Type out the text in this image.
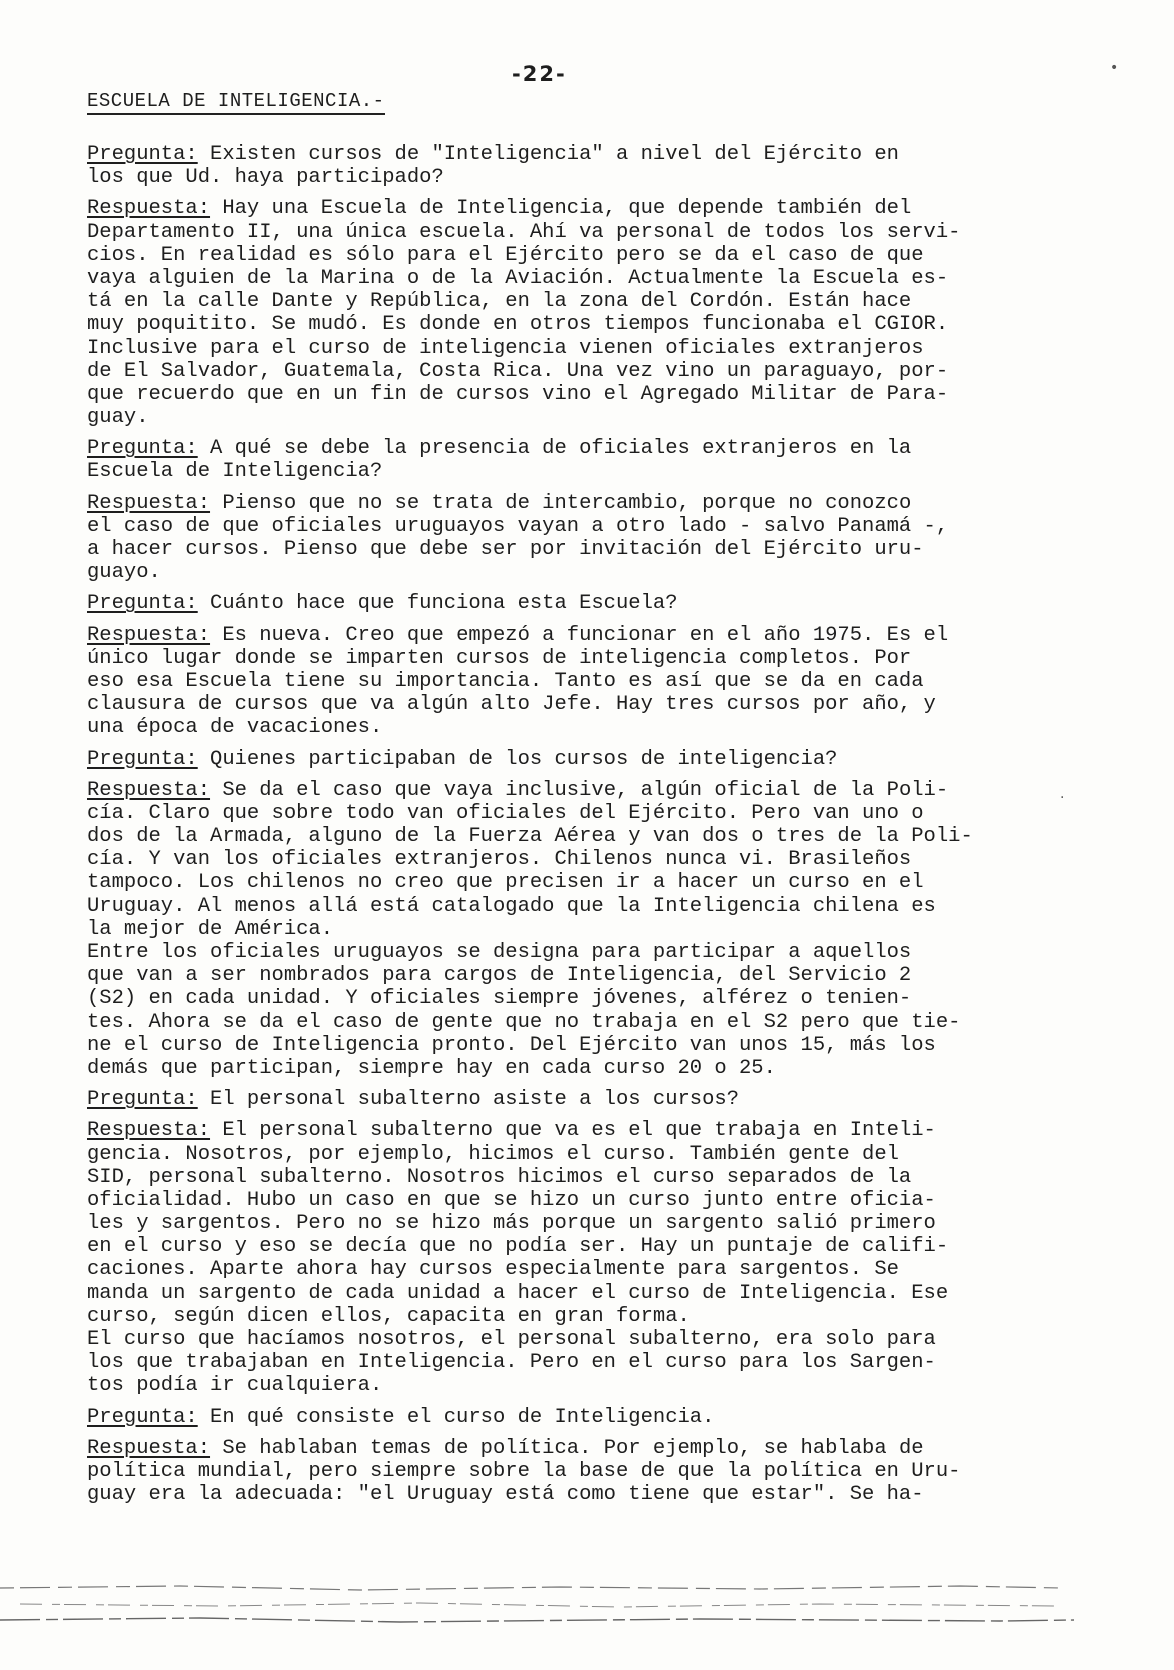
-22-
ESCUELA DE INTELIGENCIA.-
Pregunta: Existen cursos de "Inteligencia" a nivel del Ejército en
los que Ud. haya participado?
Respuesta: Hay una Escuela de Inteligencia, que depende también del
Departamento II, una única escuela. Ahí va personal de todos los servi-
cios. En realidad es sólo para el Ejército pero se da el caso de que
vaya alguien de la Marina o de la Aviación. Actualmente la Escuela es-
tá en la calle Dante y República, en la zona del Cordón. Están hace
muy poquitito. Se mudó. Es donde en otros tiempos funcionaba el CGIOR.
Inclusive para el curso de inteligencia vienen oficiales extranjeros
de El Salvador, Guatemala, Costa Rica. Una vez vino un paraguayo, por-
que recuerdo que en un fin de cursos vino el Agregado Militar de Para-
guay.
Pregunta: A qué se debe la presencia de oficiales extranjeros en la
Escuela de Inteligencia?
Respuesta: Pienso que no se trata de intercambio, porque no conozco
el caso de que oficiales uruguayos vayan a otro lado - salvo Panamá -,
a hacer cursos. Pienso que debe ser por invitación del Ejército uru-
guayo.
Pregunta: Cuánto hace que funciona esta Escuela?
Respuesta: Es nueva. Creo que empezó a funcionar en el año 1975. Es el
único lugar donde se imparten cursos de inteligencia completos. Por
eso esa Escuela tiene su importancia. Tanto es así que se da en cada
clausura de cursos que va algún alto Jefe. Hay tres cursos por año, y
una época de vacaciones.
Pregunta: Quienes participaban de los cursos de inteligencia?
Respuesta: Se da el caso que vaya inclusive, algún oficial de la Poli-
cía. Claro que sobre todo van oficiales del Ejército. Pero van uno o
dos de la Armada, alguno de la Fuerza Aérea y van dos o tres de la Poli-
cía. Y van los oficiales extranjeros. Chilenos nunca vi. Brasileños
tampoco. Los chilenos no creo que precisen ir a hacer un curso en el
Uruguay. Al menos allá está catalogado que la Inteligencia chilena es
la mejor de América.
Entre los oficiales uruguayos se designa para participar a aquellos
que van a ser nombrados para cargos de Inteligencia, del Servicio 2
(S2) en cada unidad. Y oficiales siempre jóvenes, alférez o tenien-
tes. Ahora se da el caso de gente que no trabaja en el S2 pero que tie-
ne el curso de Inteligencia pronto. Del Ejército van unos 15, más los
demás que participan, siempre hay en cada curso 20 o 25.
Pregunta: El personal subalterno asiste a los cursos?
Respuesta: El personal subalterno que va es el que trabaja en Inteli-
gencia. Nosotros, por ejemplo, hicimos el curso. También gente del
SID, personal subalterno. Nosotros hicimos el curso separados de la
oficialidad. Hubo un caso en que se hizo un curso junto entre oficia-
les y sargentos. Pero no se hizo más porque un sargento salió primero
en el curso y eso se decía que no podía ser. Hay un puntaje de califi-
caciones. Aparte ahora hay cursos especialmente para sargentos. Se
manda un sargento de cada unidad a hacer el curso de Inteligencia. Ese
curso, según dicen ellos, capacita en gran forma.
El curso que hacíamos nosotros, el personal subalterno, era solo para
los que trabajaban en Inteligencia. Pero en el curso para los Sargen-
tos podía ir cualquiera.
Pregunta: En qué consiste el curso de Inteligencia.
Respuesta: Se hablaban temas de política. Por ejemplo, se hablaba de
política mundial, pero siempre sobre la base de que la política en Uru-
guay era la adecuada: "el Uruguay está como tiene que estar". Se ha-
•
·
